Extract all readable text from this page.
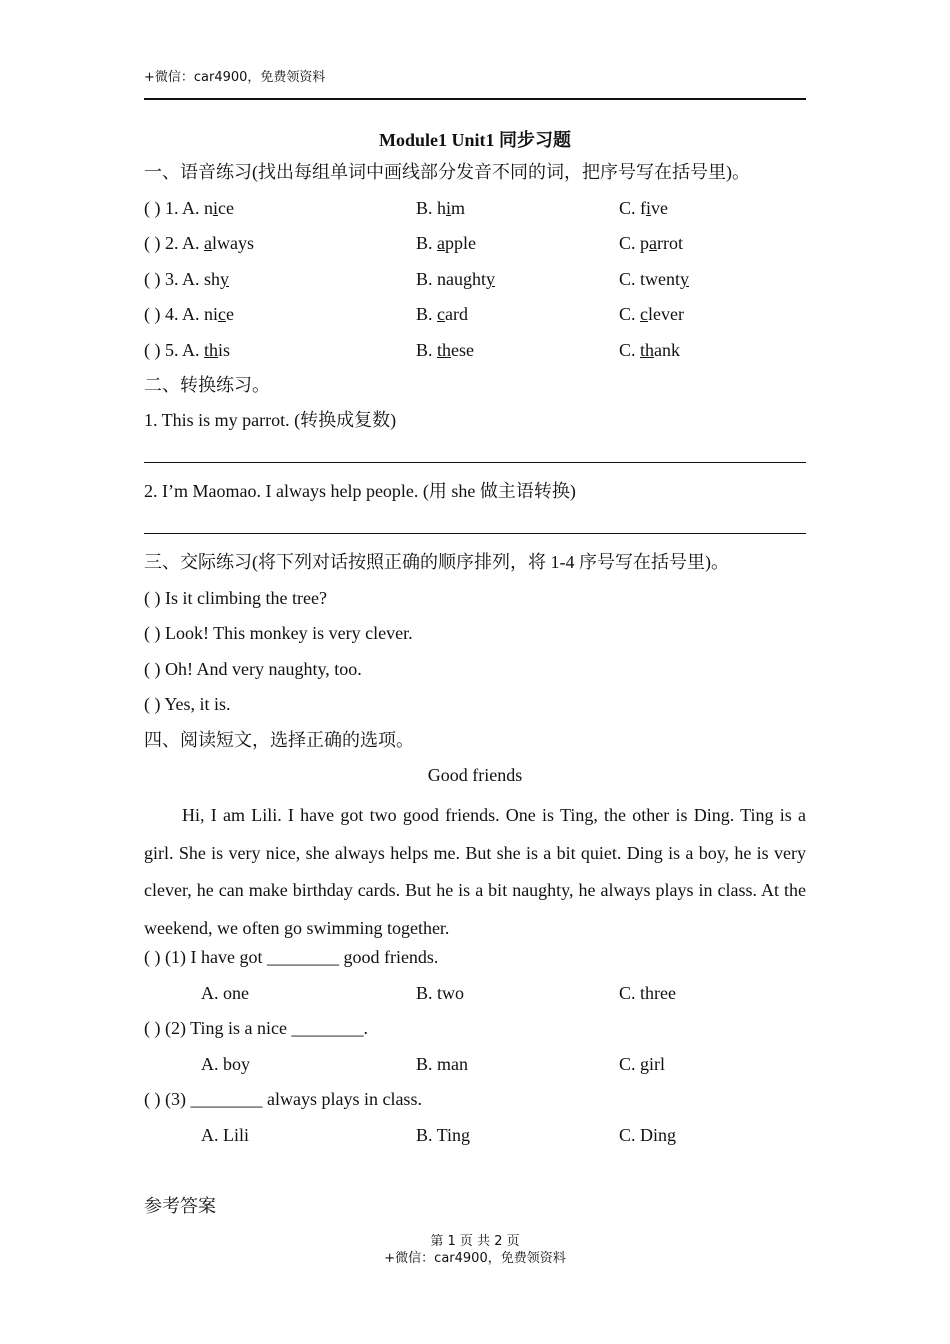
+微信：car4900，免费领资料
Module1 Unit1 同步习题
一、语音练习(找出每组单词中画线部分发音不同的词，把序号写在括号里)。
( ) 1. A. nice	B. him	C. five
( ) 2. A. always	B. apple	C. parrot
( ) 3. A. shy	B. naughty	C. twenty
( ) 4. A. nice	B. card	C. clever
( ) 5. A. this	B. these	C. thank
二、转换练习。
1. This is my parrot. (转换成复数)
2. I’m Maomao. I always help people. (用 she 做主语转换)
三、交际练习(将下列对话按照正确的顺序排列，将 1-4 序号写在括号里)。
( ) Is it climbing the tree?
( ) Look! This monkey is very clever.
( ) Oh! And very naughty, too.
( ) Yes, it is.
四、阅读短文，选择正确的选项。
Good friends
Hi, I am Lili. I have got two good friends. One is Ting, the other is Ding. Ting is a girl. She is very nice, she always helps me. But she is a bit quiet. Ding is a boy, he is very clever, he can make birthday cards. But he is a bit naughty, he always plays in class. At the weekend, we often go swimming together.
( ) (1) I have got ________ good friends.
A. one	B. two	C. three
( ) (2) Ting is a nice ________.
A. boy	B. man	C. girl
( ) (3) ________ always plays in class.
A. Lili	B. Ting	C. Ding
参考答案
第 1 页 共 2 页
+微信：car4900，免费领资料
